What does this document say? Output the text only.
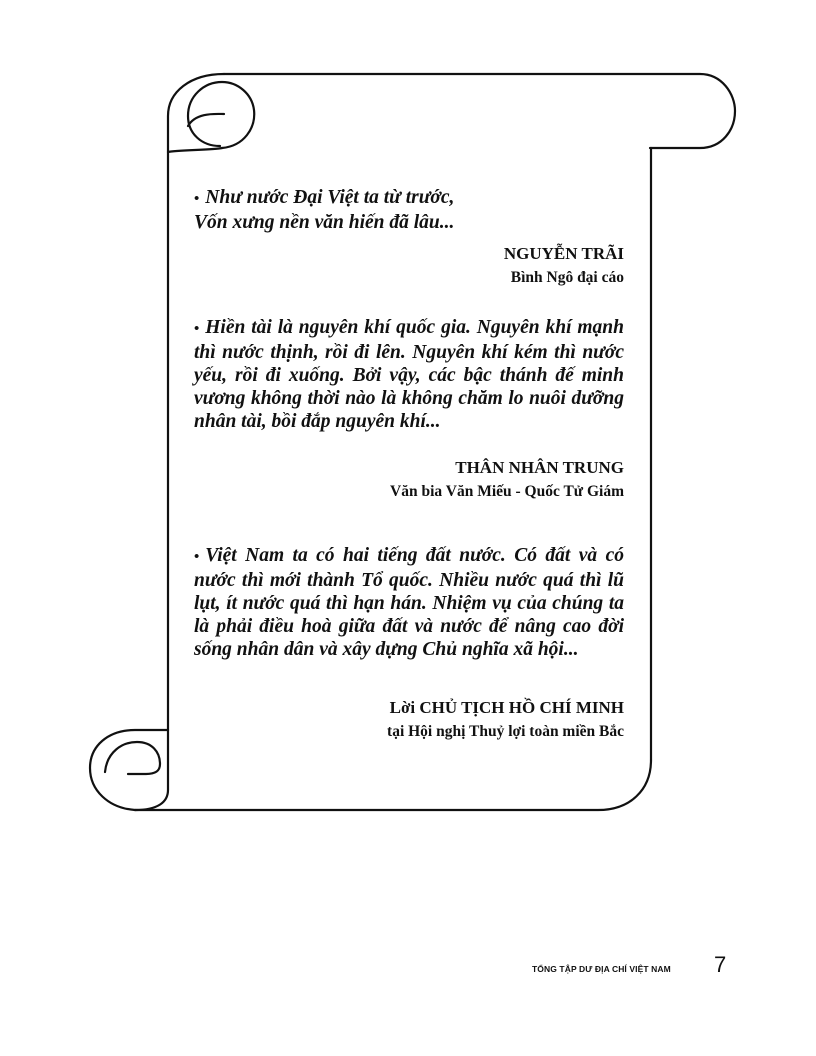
• Như nước Đại Việt ta từ trước,

Vốn xưng nền văn hiến đã lâu...

NGUYỄN TRÃI
Bình Ngô đại cáo

• Hiền tài là nguyên khí quốc gia. Nguyên khí mạnh thì nước thịnh, rồi đi lên. Nguyên khí kém thì nước yếu, rồi đi xuống. Bởi vậy, các bậc thánh đế minh vương không thời nào là không chăm lo nuôi dưỡng nhân tài, bồi đắp nguyên khí...

THÂN NHÂN TRUNG
Văn bia Văn Miếu - Quốc Tử Giám

• Việt Nam ta có hai tiếng đất nước. Có đất và có nước thì mới thành Tổ quốc. Nhiều nước quá thì lũ lụt, ít nước quá thì hạn hán. Nhiệm vụ của chúng ta là phải điều hoà giữa đất và nước để nâng cao đời sống nhân dân và xây dựng Chủ nghĩa xã hội...

Lời CHỦ TỊCH HỒ CHÍ MINH
tại Hội nghị Thuỷ lợi toàn miền Bắc
TỔNG TẬP DƯ ĐỊA CHÍ VIỆT NAM 7
